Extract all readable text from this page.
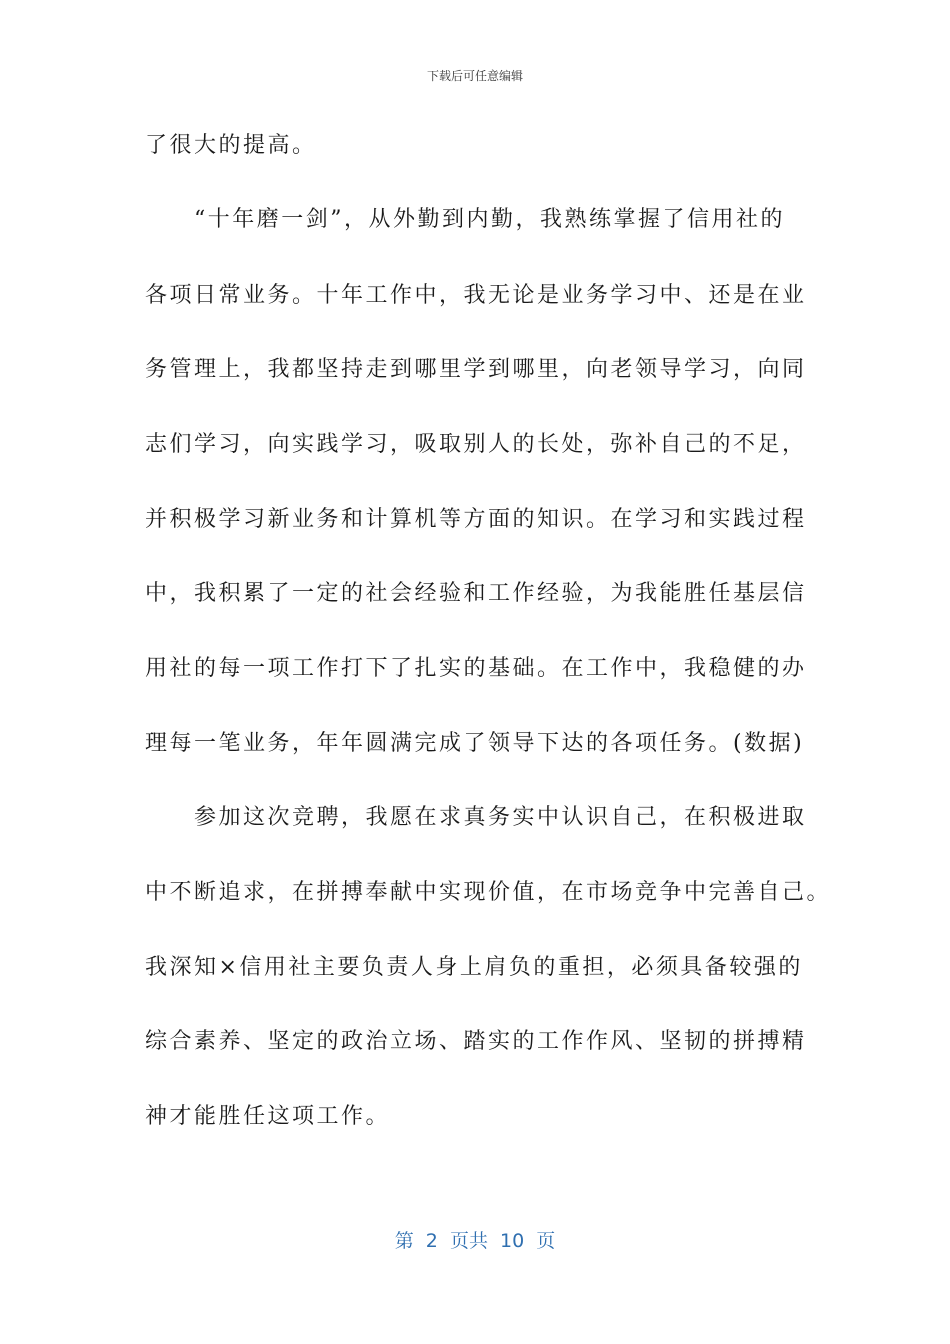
下载后可任意编辑
了很大的提高。
　　“十年磨一剑”，从外勤到内勤，我熟练掌握了信用社的
各项日常业务。十年工作中，我无论是业务学习中、还是在业
务管理上，我都坚持走到哪里学到哪里，向老领导学习，向同
志们学习，向实践学习，吸取别人的长处，弥补自己的不足，
并积极学习新业务和计算机等方面的知识。在学习和实践过程
中，我积累了一定的社会经验和工作经验，为我能胜任基层信
用社的每一项工作打下了扎实的基础。在工作中，我稳健的办
理每一笔业务，年年圆满完成了领导下达的各项任务。(数据)
　　参加这次竞聘，我愿在求真务实中认识自己，在积极进取
中不断追求，在拼搏奉献中实现价值，在市场竞争中完善自己。
我深知×信用社主要负责人身上肩负的重担，必须具备较强的
综合素养、坚定的政治立场、踏实的工作作风、坚韧的拼搏精
神才能胜任这项工作。
第  2  页共  10  页
